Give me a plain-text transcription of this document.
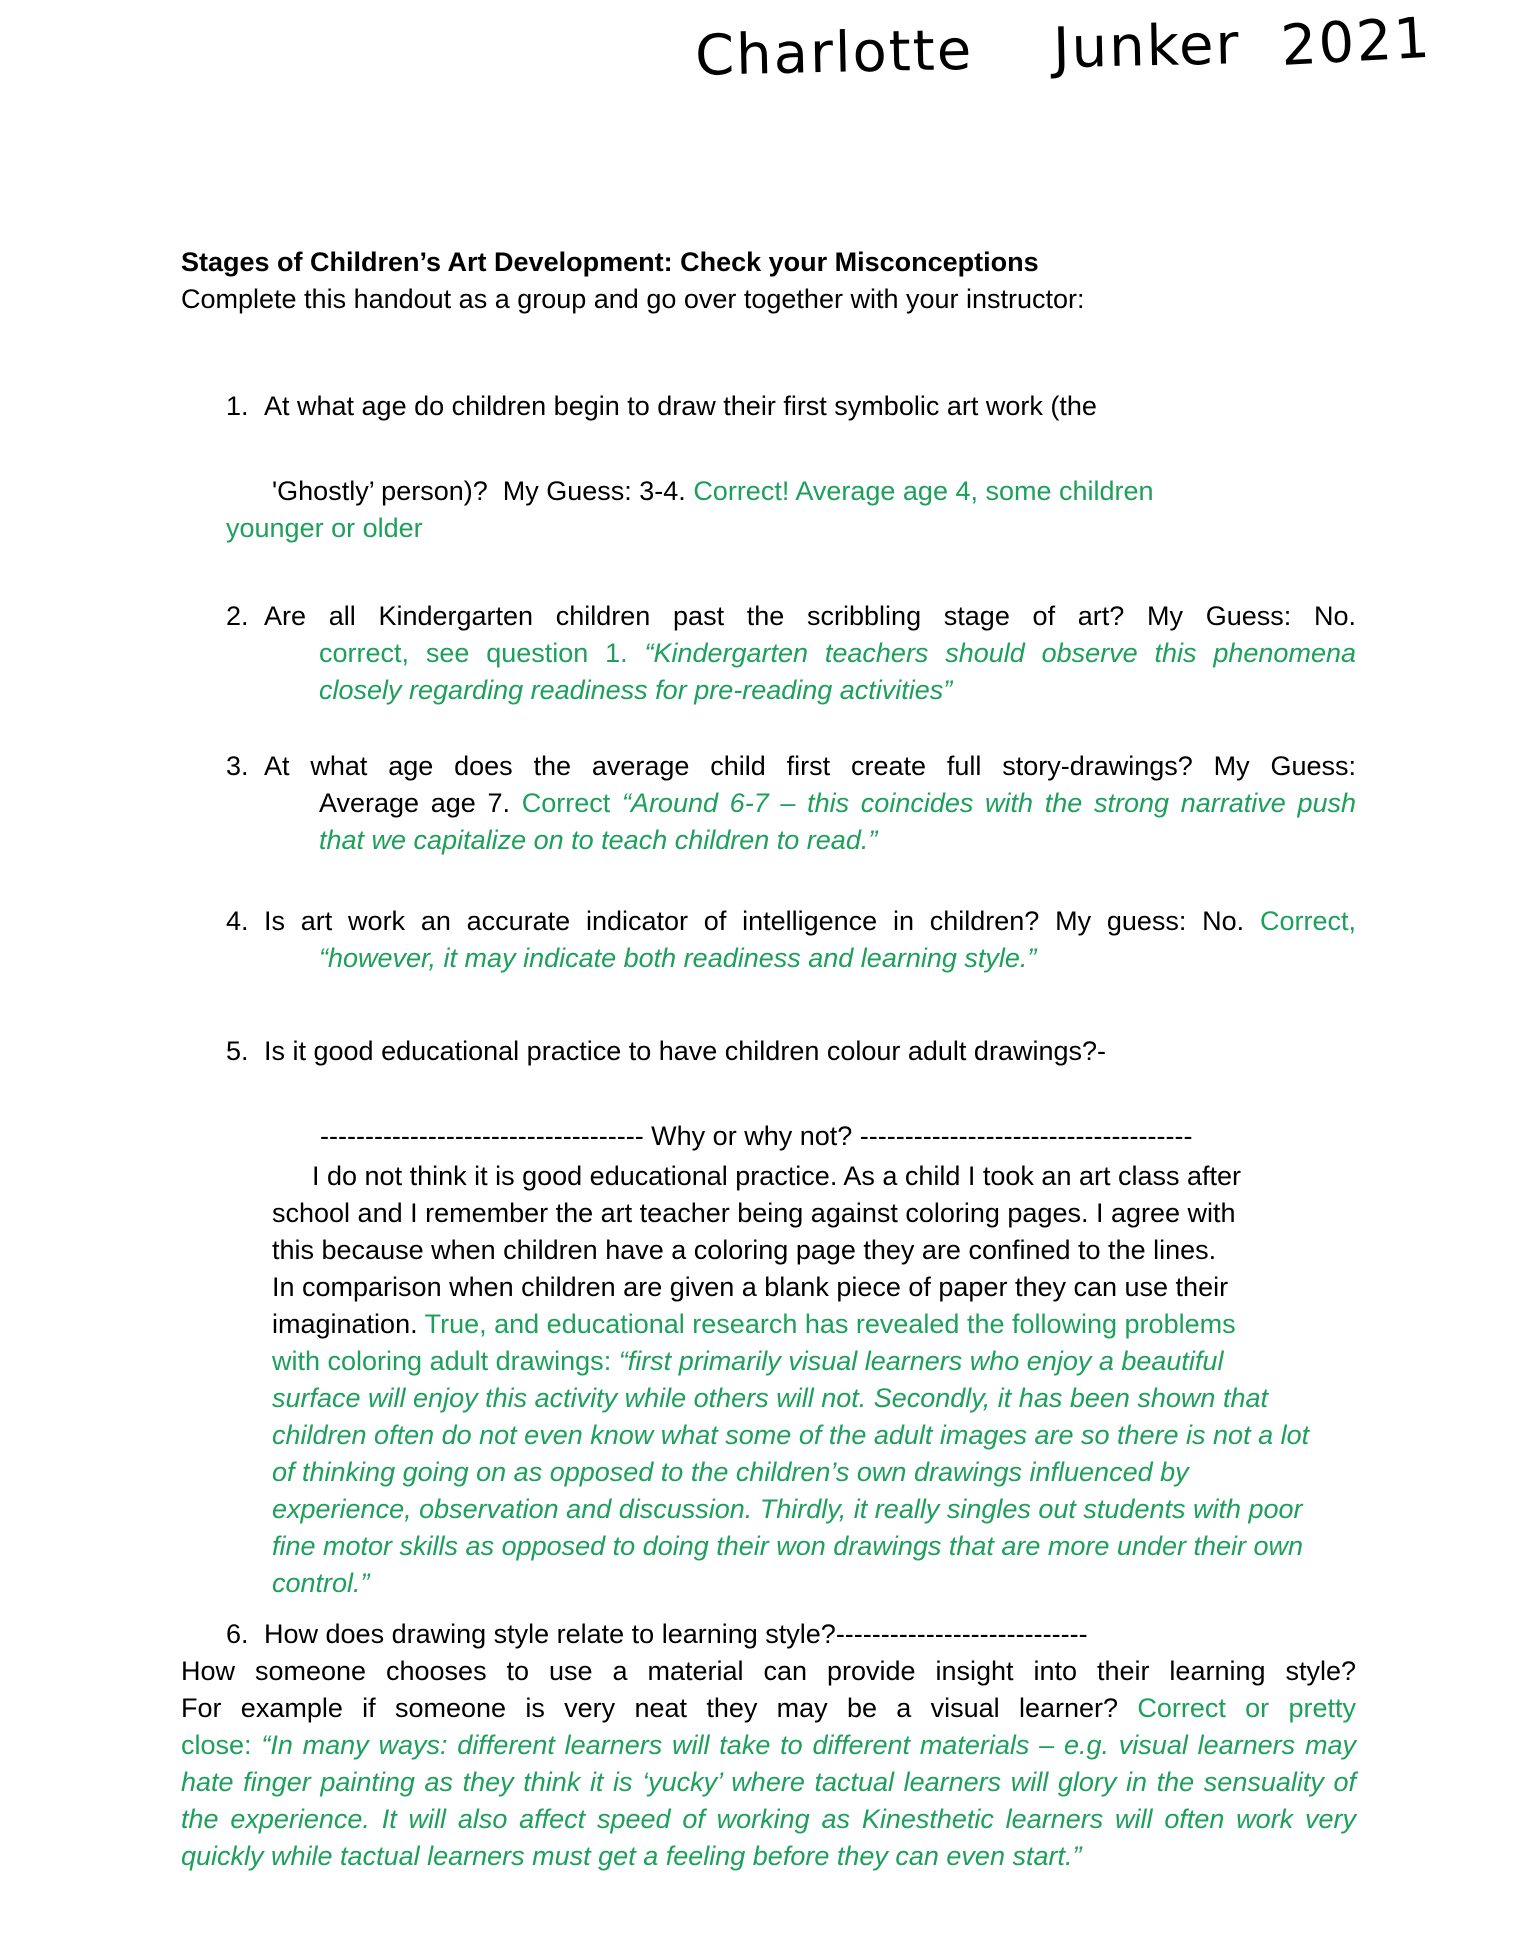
Charlotte Junker 2021
Stages of Children’s Art Development: Check your Misconceptions
Complete this handout as a group and go over together with your instructor:
1. At what age do children begin to draw their first symbolic art work (the
'Ghostly’ person)?  My Guess: 3-4. Correct! Average age 4, some children
younger or older
2. Are all Kindergarten children past the scribbling stage of art? My Guess: No.
correct, see question 1. “Kindergarten teachers should observe this phenomena
closely regarding readiness for pre-reading activities”
3. At what age does the average child first create full story-drawings? My Guess:
Average age 7. Correct “Around 6-7 – this coincides with the strong narrative push
that we capitalize on to teach children to read.”
4. Is art work an accurate indicator of intelligence in children? My guess: No. Correct,
“however, it may indicate both readiness and learning style.”
5. Is it good educational practice to have children colour adult drawings?-
------------------------------------ Why or why not? -------------------------------------
I do not think it is good educational practice. As a child I took an art class after
school and I remember the art teacher being against coloring pages. I agree with
this because when children have a coloring page they are confined to the lines.
In comparison when children are given a blank piece of paper they can use their
imagination. True, and educational research has revealed the following problems
with coloring adult drawings: “first primarily visual learners who enjoy a beautiful
surface will enjoy this activity while others will not. Secondly, it has been shown that
children often do not even know what some of the adult images are so there is not a lot
of thinking going on as opposed to the children’s own drawings influenced by
experience, observation and discussion. Thirdly, it really singles out students with poor
fine motor skills as opposed to doing their won drawings that are more under their own
control.”
6. How does drawing style relate to learning style?----------------------------
How someone chooses to use a material can provide insight into their learning style?
For example if someone is very neat they may be a visual learner? Correct or pretty
close: “In many ways: different learners will take to different materials – e.g. visual learners may
hate finger painting as they think it is ‘yucky’ where tactual learners will glory in the sensuality of
the experience. It will also affect speed of working as Kinesthetic learners will often work very
quickly while tactual learners must get a feeling before they can even start.”
